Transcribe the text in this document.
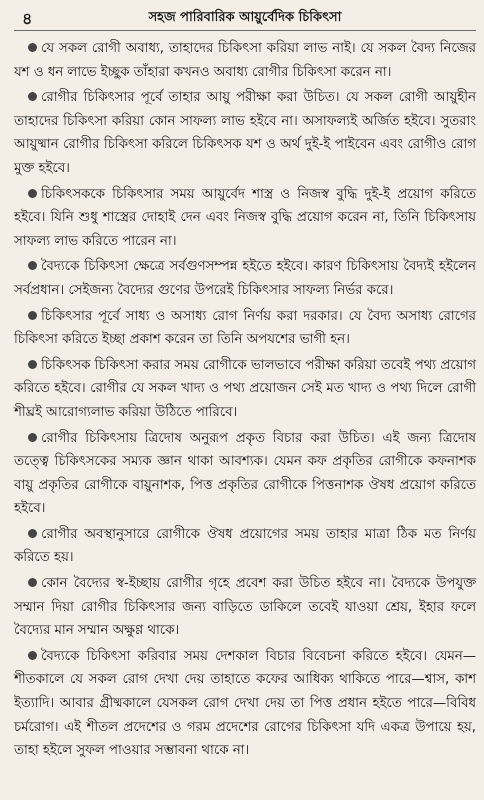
৪	সহজ পারিবারিক আয়ুর্বেদিক চিকিৎসা

যে সকল রোগী অবাধ্য, তাহাদের চিকিৎসা করিয়া লাভ নাই। যে সকল বৈদ্য নিজের যশ ও ধন লাভে ইচ্ছুক তাঁহারা কখনও অবাধ্য রোগীর চিকিৎসা করেন না।

রোগীর চিকিৎসার পূর্বে তাহার আয়ু পরীক্ষা করা উচিত। যে সকল রোগী আয়ুহীন তাহাদের চিকিৎসা করিয়া কোন সাফল্য লাভ হইবে না। অসাফল্যই অর্জিত হইবে। সুতরাং আয়ুষ্মান রোগীর চিকিৎসা করিলে চিকিৎসক যশ ও অর্থ দুই-ই পাইবেন এবং রোগীও রোগ মুক্ত হইবে।

চিকিৎসককে চিকিৎসার সময় আয়ুর্বেদ শাস্ত্র ও নিজস্ব বুদ্ধি দুই-ই প্রয়োগ করিতে হইবে। যিনি শুধু শাস্ত্রের দোহাই দেন এবং নিজস্ব বুদ্ধি প্রয়োগ করেন না, তিনি চিকিৎসায় সাফল্য লাভ করিতে পারেন না।

বৈদ্যকে চিকিৎসা ক্ষেত্রে সর্বগুণসম্পন্ন হইতে হইবে। কারণ চিকিৎসায় বৈদ্যই হইলেন সর্বপ্রধান। সেইজন্য বৈদ্যের গুণের উপরেই চিকিৎসার সাফল্য নির্ভর করে।

চিকিৎসার পূর্বে সাধ্য ও অসাধ্য রোগ নির্ণয় করা দরকার। যে বৈদ্য অসাধ্য রোগের চিকিৎসা করিতে ইচ্ছা প্রকাশ করেন তা তিনি অপযশের ভাগী হন।

চিকিৎসক চিকিৎসা করার সময় রোগীকে ভালভাবে পরীক্ষা করিয়া তবেই পথ্য প্রয়োগ করিতে হইবে। রোগীর যে সকল খাদ্য ও পথ্য প্রয়োজন সেই মত খাদ্য ও পথ্য দিলে রোগী শীঘ্রই আরোগ্যলাভ করিয়া উঠিতে পারিবে।

রোগীর চিকিৎসায় ত্রিদোষ অনুরূপ প্রকৃত বিচার করা উচিত। এই জন্য ত্রিদোষ তত্ত্বে চিকিৎসকের সম্যক জ্ঞান থাকা আবশ্যক। যেমন কফ প্রকৃতির রোগীকে কফনাশক বায়ু প্রকৃতির রোগীকে বায়ুনাশক, পিত্ত প্রকৃতির রোগীকে পিত্তনাশক ঔষধ প্রয়োগ করিতে হইবে।

রোগীর অবস্থানুসারে রোগীকে ঔষধ প্রয়োগের সময় তাহার মাত্রা ঠিক মত নির্ণয় করিতে হয়।

কোন বৈদ্যের স্ব-ইচ্ছায় রোগীর গৃহে প্রবেশ করা উচিত হইবে না। বৈদ্যকে উপযুক্ত সম্মান দিয়া রোগীর চিকিৎসার জন্য বাড়িতে ডাকিলে তবেই যাওয়া শ্রেয়, ইহার ফলে বৈদ্যের মান সম্মান অক্ষুণ্ণ থাকে।

বৈদ্যকে চিকিৎসা করিবার সময় দেশকাল বিচার বিবেচনা করিতে হইবে। যেমন—শীতকালে যে সকল রোগ দেখা দেয় তাহাতে কফের আধিক্য থাকিতে পারে—শ্বাস, কাশ ইত্যাদি। আবার গ্রীষ্মকালে যেসকল রোগ দেখা দেয় তা পিত্ত প্রধান হইতে পারে—বিবিধ চর্মরোগ। এই শীতল প্রদেশের ও গরম প্রদেশের রোগের চিকিৎসা যদি একত্র উপায়ে হয়, তাহা হইলে সুফল পাওয়ার সম্ভাবনা থাকে না।
